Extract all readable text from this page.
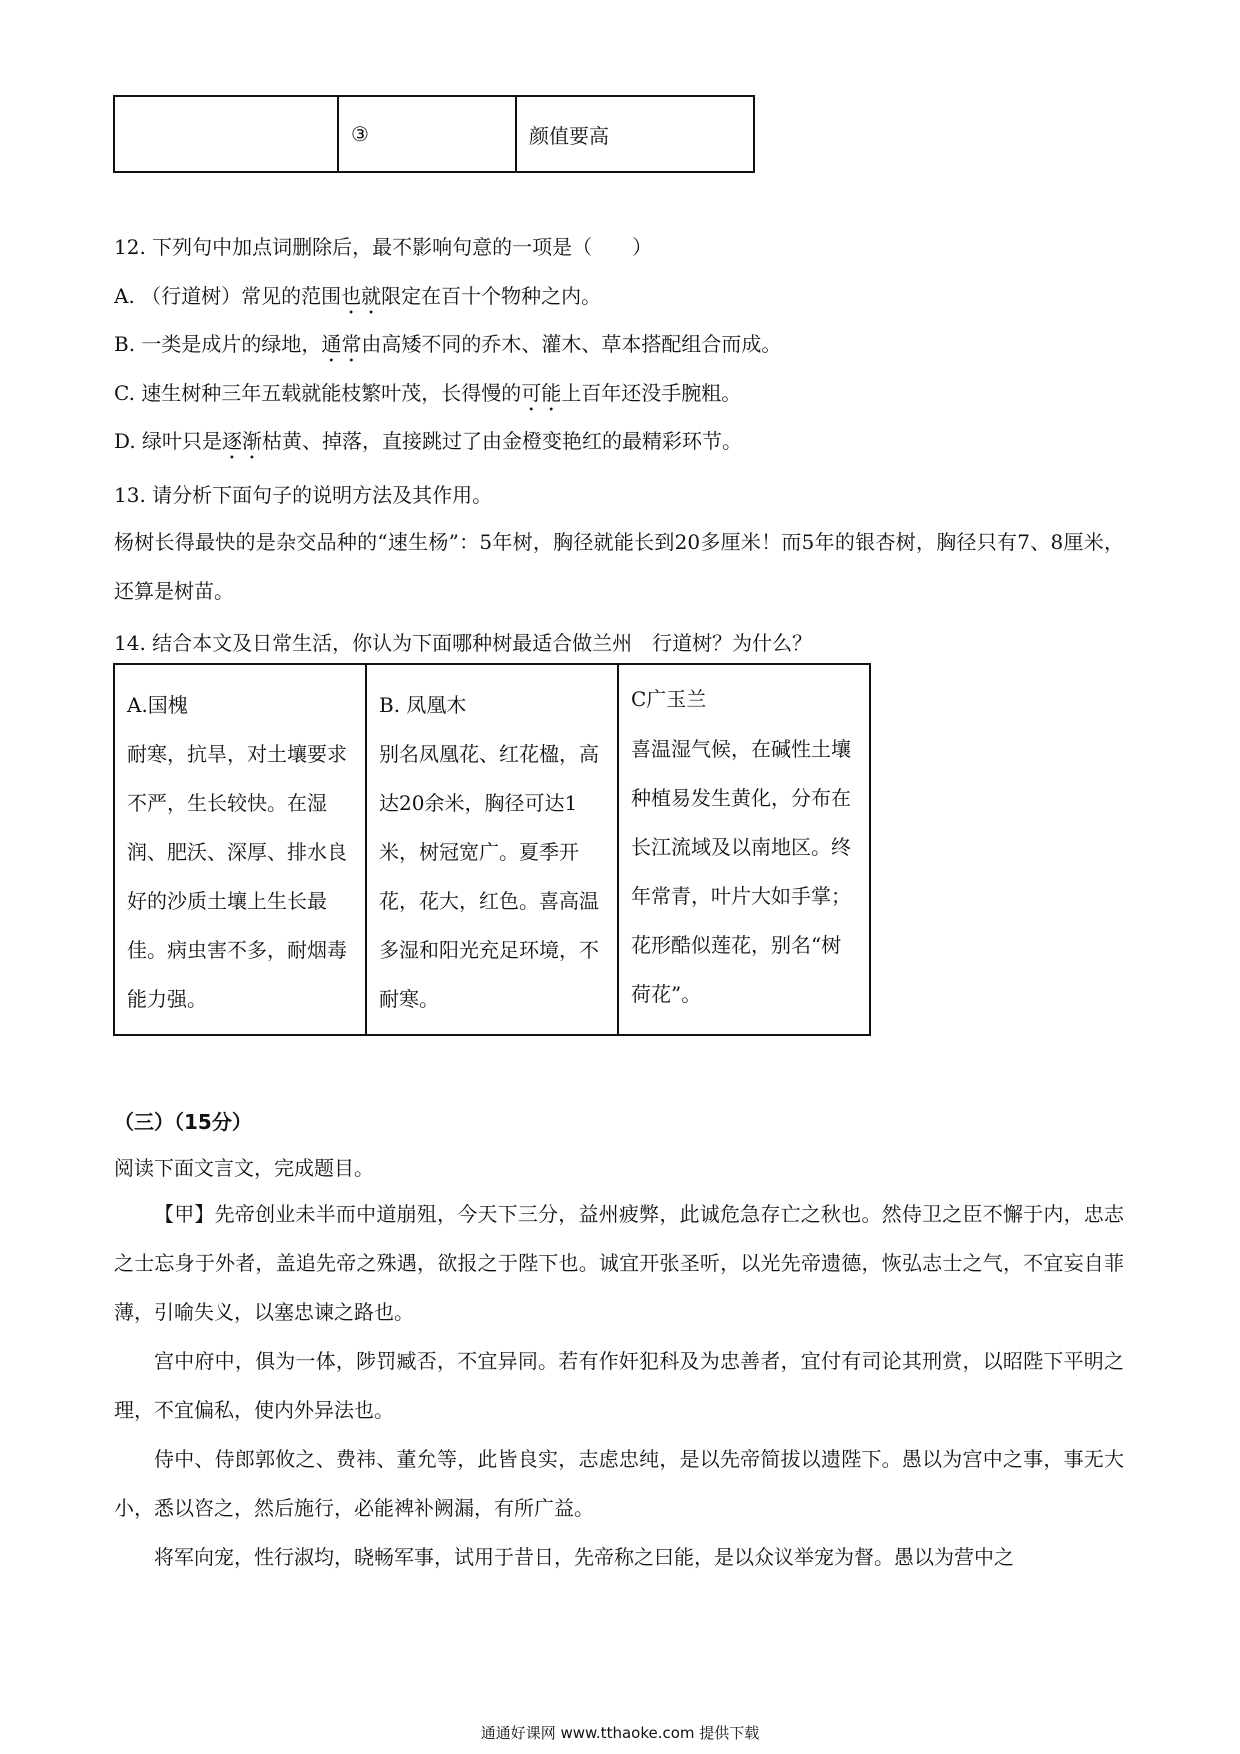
	③	颜值要高
12. 下列句中加点词删除后，最不影响句意的一项是（　　）
A. （行道树）常见的范围也就限定在百十个物种之内。
B. 一类是成片的绿地，通常由高矮不同的乔木、灌木、草本搭配组合而成。
C. 速生树种三年五载就能枝繁叶茂，长得慢的可能上百年还没手腕粗。
D. 绿叶只是逐渐枯黄、掉落，直接跳过了由金橙变艳红的最精彩环节。
13. 请分析下面句子的说明方法及其作用。
杨树长得最快的是杂交品种的“速生杨”：5年树，胸径就能长到20多厘米！而5年的银杏树，胸径只有7、8厘米，还算是树苗。
14. 结合本文及日常生活，你认为下面哪种树最适合做兰州　行道树？为什么？
A.国槐
耐寒，抗旱，对土壤要求不严，生长较快。在湿润、肥沃、深厚、排水良好的沙质土壤上生长最佳。病虫害不多，耐烟毒能力强。

B. 凤凰木
别名凤凰花、红花楹，高达20余米，胸径可达1米，树冠宽广。夏季开花，花大，红色。喜高温多湿和阳光充足环境，不耐寒。

C广玉兰
喜温湿气候，在碱性土壤种植易发生黄化，分布在长江流域及以南地区。终年常青，叶片大如手掌；花形酷似莲花，别名“树荷花”。
（三）（15分）
阅读下面文言文，完成题目。
【甲】先帝创业未半而中道崩殂，今天下三分，益州疲弊，此诚危急存亡之秋也。然侍卫之臣不懈于内，忠志之士忘身于外者，盖追先帝之殊遇，欲报之于陛下也。诚宜开张圣听，以光先帝遗德，恢弘志士之气，不宜妄自菲薄，引喻失义，以塞忠谏之路也。
宫中府中，俱为一体，陟罚臧否，不宜异同。若有作奸犯科及为忠善者，宜付有司论其刑赏，以昭陛下平明之理，不宜偏私，使内外异法也。
侍中、侍郎郭攸之、费祎、董允等，此皆良实，志虑忠纯，是以先帝简拔以遗陛下。愚以为宫中之事，事无大小，悉以咨之，然后施行，必能裨补阙漏，有所广益。
将军向宠，性行淑均，晓畅军事，试用于昔日，先帝称之曰能，是以众议举宠为督。愚以为营中之
通通好课网 www.tthaoke.com 提供下载
